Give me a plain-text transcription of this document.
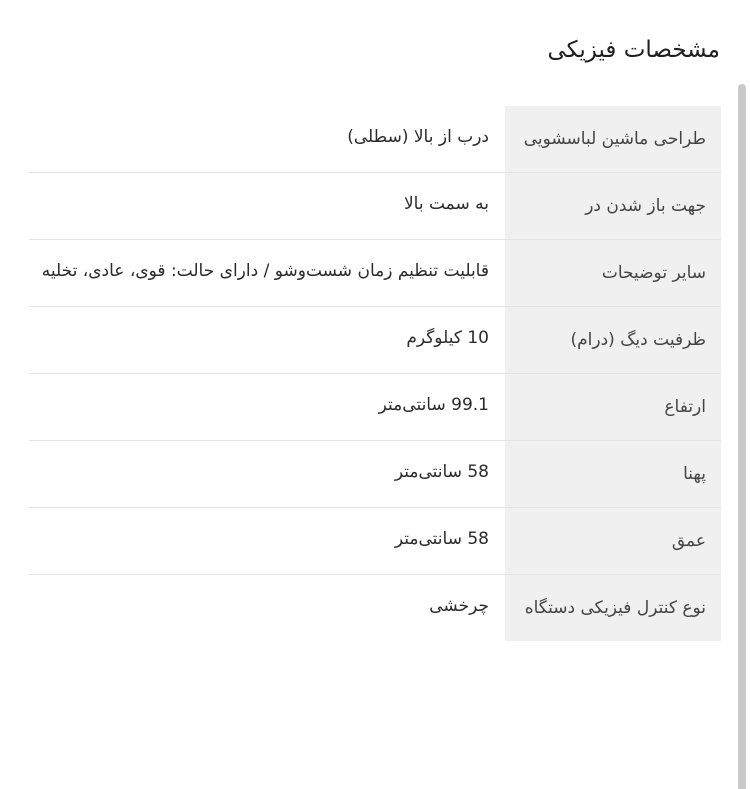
مشخصات فیزیکی
طراحی ماشین لباسشویی
درب از بالا (سطلی)
جهت باز شدن در
به سمت بالا
سایر توضیحات
قابلیت تنظیم زمان شست‌وشو / دارای حالت: قوی، عادی، تخلیه
ظرفیت دیگ (درام)
10 کیلوگرم
ارتفاع
99.1 سانتی‌متر
پهنا
58 سانتی‌متر
عمق
58 سانتی‌متر
نوع کنترل فیزیکی دستگاه
چرخشی
